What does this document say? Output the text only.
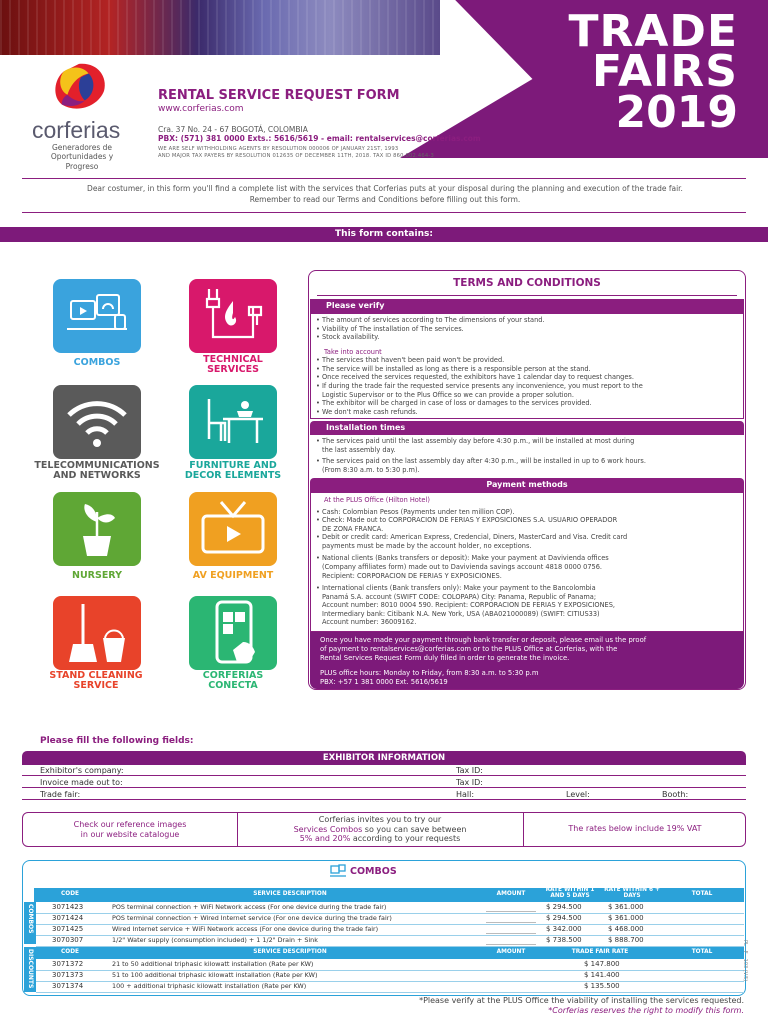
TRADE
FAIRS
2019
corferias
Generadores de Oportunidades y Progreso
RENTAL SERVICE REQUEST FORM
www.corferias.com
Cra. 37 No. 24 - 67 BOGOTÁ, COLOMBIA
PBX: (571) 381 0000 Exts.: 5616/5619 - email: rentalservices@corferias.com
WE ARE SELF WITHHOLDING AGENTS BY RESOLUTION 000006 OF JANUARY 21ST, 1993
AND MAJOR TAX PAYERS BY RESOLUTION 012635 OF DECEMBER 11TH, 2018. TAX ID 860.002.464-3
Dear costumer, in this form you'll find a complete list with the services that Corferias puts at your disposal during the planning and execution of the trade fair.
Remember to read our Terms and Conditions before filling out this form.
This form contains:
COMBOS	TECHNICAL SERVICES
TELECOMMUNICATIONS AND NETWORKS
FURNITURE AND DECOR ELEMENTS
NURSERY	AV EQUIPMENT
STAND CLEANING SERVICE
CORFERIAS CONECTA
TERMS AND CONDITIONS
Please verify
• The amount of services according to The dimensions of your stand.
• Viability of The installation of The services.
• Stock availability.
Take into account
• The services that haven't been paid won't be provided.
• The service will be installed as long as there is a responsible person at the stand.
• Once received the services requested, the exhibitors have 1 calendar day to request changes.
• If during the trade fair the requested service presents any inconvenience, you must report to the
Logistic Supervisor or to the Plus Office so we can provide a proper solution.
• The exhibitor will be charged in case of loss or damages to the services provided.
• We don't make cash refunds.
Installation times
• The services paid until the last assembly day before 4:30 p.m., will be installed at most during
the last assembly day.
• The services paid on the last assembly day after 4:30 p.m., will be installed in up to 6 work hours.
(From 8:30 a.m. to 5:30 p.m).
Payment methods
At the PLUS Office (Hilton Hotel)
• Cash: Colombian Pesos (Payments under ten million COP).
• Check: Made out to CORPORACION DE FERIAS Y EXPOSICIONES S.A. USUARIO OPERADOR
DE ZONA FRANCA.
• Debit or credit card: American Express, Credencial, Diners, MasterCard and Visa. Credit card
payments must be made by the account holder, no exceptions.
• National clients (Banks transfers or deposit): Make your payment at Davivienda offices
(Company affiliates form) made out to Davivienda savings account 4818 0000 0756.
Recipient: CORPORACION DE FERIAS Y EXPOSICIONES.
• International clients (Bank transfers only): Make your payment to the Bancolombia
Panamá S.A. account (SWIFT CODE: COLOPAPA) City: Panama, Republic of Panama;
Account number: 8010 0004 590. Recipient: CORPORACION DE FERIAS Y EXPOSICIONES,
Intermediary bank: Citibank N.A. New York, USA (ABA021000089) (SWIFT: CITIUS33)
Account number: 36009162.
Once you have made your payment through bank transfer or deposit, please email us the proof
of payment to rentalservices@corferias.com or to the PLUS Office at Corferias, with the
Rental Services Request Form duly filled in order to generate the invoice.
PLUS office hours: Monday to Friday, from 8:30 a.m. to 5:30 p.m
PBX: +57 1 381 0000 Ext. 5616/5619
Please fill the following fields:
EXHIBITOR INFORMATION
Exhibitor's company:	Tax ID:
Invoice made out to:	Tax ID:
Trade fair:	Hall:	Level:	Booth:
Check our reference images
in our website catalogue
Corferias invites you to try our
Services Combos so you can save between
5% and 20% according to your requests
The rates below include 19% VAT
COMBOS
CODE	SERVICE DESCRIPTION	AMOUNT
RATE WITHIN 1 AND 5 DAYS
RATE WITHIN 6 + DAYS	TOTAL
COMBOS	3071423	POS terminal connection + WiFi Network access (For one device during the trade fair)	$ 294.500	$ 361.000
3071424	POS terminal connection + Wired Internet service (For one device during the trade fair)	$ 294.500	$ 361.000
3071425	Wired Internet service + WiFi Network access (For one device during the trade fair)	$ 342.000	$ 468.000
3070307	1/2" Water supply (consumption included) + 1 1/2" Drain + Sink	$ 738.500	$ 888.700
CODE	SERVICE DESCRIPTION	AMOUNT	TRADE FAIR RATE	TOTAL
DISCOUNTS	3071372	21 to 50 additional triphasic kilowatt installation (Rate per KW)	$ 147.800
3071373	51 to 100 additional triphasic kilowatt installation (Rate per KW)	$ 141.400
3071374	100 + additional triphasic kilowatt installation (Rate per KW)	$ 135.500
*Please verify at the PLUS Office the viability of installing the services requested.
*Corferias reserves the right to modify this form.
PL - F - 103 (V.5)
